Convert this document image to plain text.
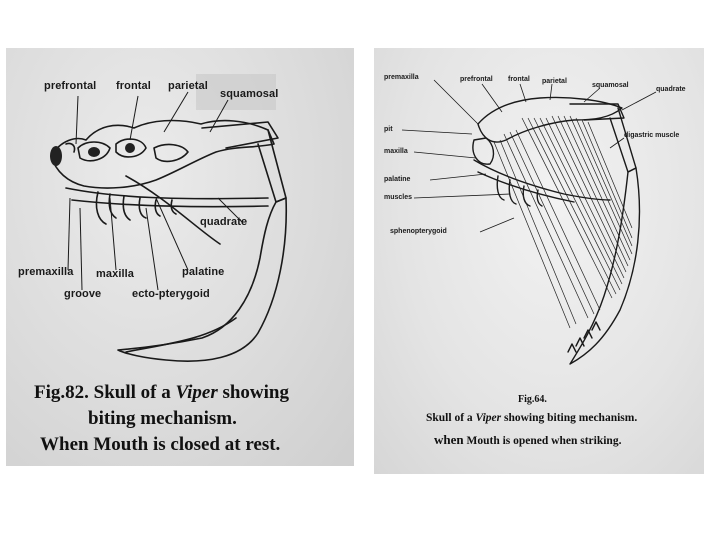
prefrontal frontal parietal
squamosal
quadrate
premaxilla maxilla	palatine
groove	ecto-pterygoid
Fig.82. Skull of a Viper showing
biting mechanism.
When Mouth is closed at rest.
premaxilla	prefrontal frontal parietal
squamosal
quadrate
pit
digastric muscle
maxilla
palatine
muscles
sphenopterygoid
Fig.64.
Skull of a Viper showing biting mechanism.
when Mouth is opened when striking.
